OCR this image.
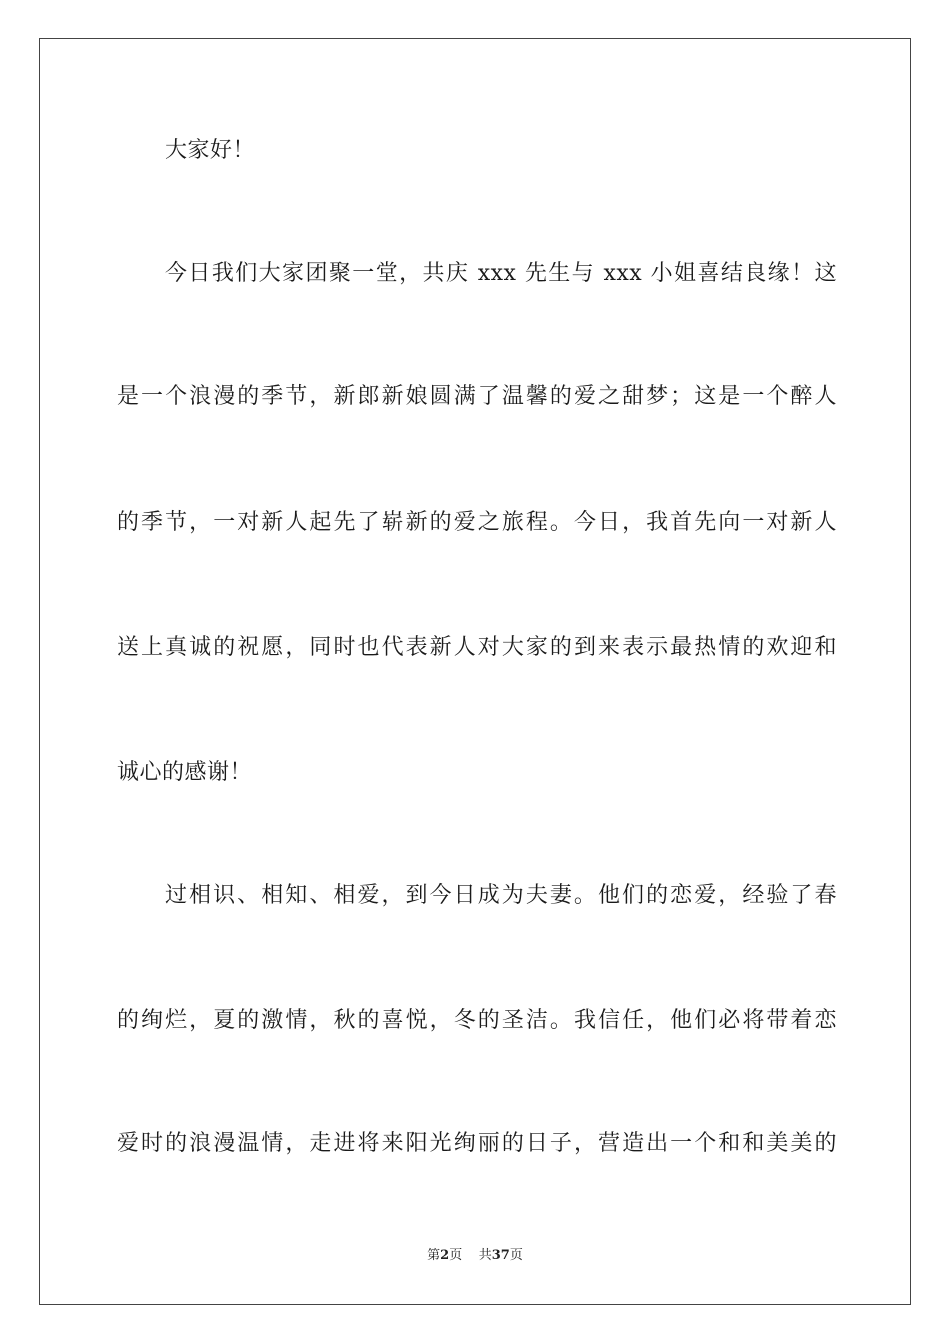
大家好！
今日我们大家团聚一堂，共庆 xxx 先生与 xxx 小姐喜结良缘！这
是一个浪漫的季节，新郎新娘圆满了温馨的爱之甜梦；这是一个醉人
的季节，一对新人起先了崭新的爱之旅程。今日，我首先向一对新人
送上真诚的祝愿，同时也代表新人对大家的到来表示最热情的欢迎和
诚心的感谢！
过相识、相知、相爱，到今日成为夫妻。他们的恋爱，经验了春
的绚烂，夏的激情，秋的喜悦，冬的圣洁。我信任，他们必将带着恋
爱时的浪漫温情，走进将来阳光绚丽的日子，营造出一个和和美美的
第2页 共37页
